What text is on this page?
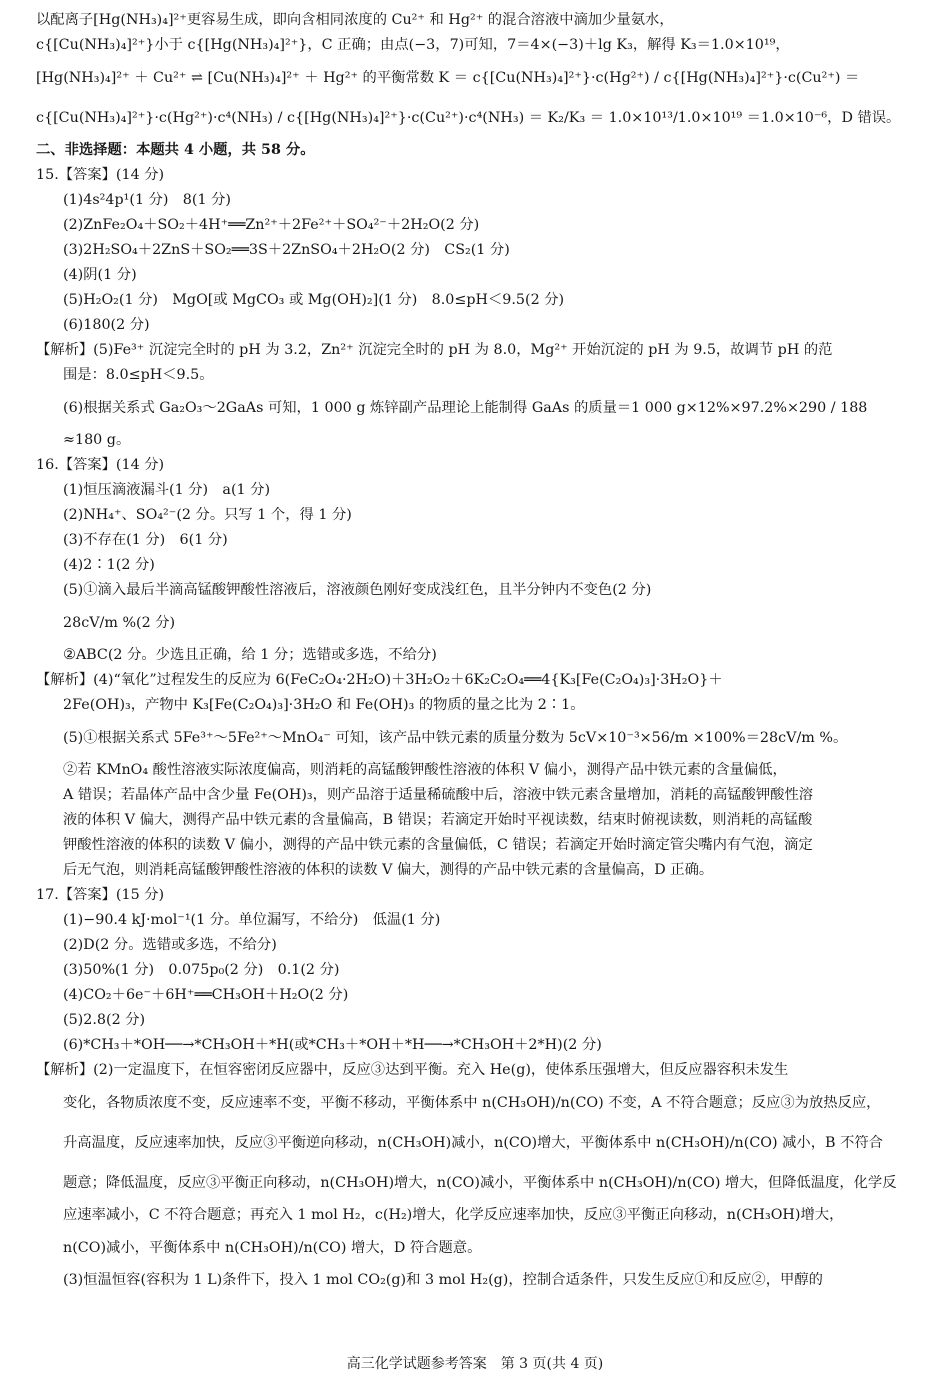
以配离子[Hg(NH₃)₄]²⁺更容易生成，即向含相同浓度的 Cu²⁺ 和 Hg²⁺ 的混合溶液中滴加少量氨水，
c{[Cu(NH₃)₄]²⁺}小于 c{[Hg(NH₃)₄]²⁺}，C 正确；由点(−3，7)可知，7＝4×(−3)＋lg K₃，解得 K₃＝1.0×10¹⁹，
[Hg(NH₃)₄]²⁺ ＋ Cu²⁺ ⇌ [Cu(NH₃)₄]²⁺ ＋ Hg²⁺ 的平衡常数 K ＝ c{[Cu(NH₃)₄]²⁺}·c(Hg²⁺) / c{[Hg(NH₃)₄]²⁺}·c(Cu²⁺) ＝
c{[Cu(NH₃)₄]²⁺}·c(Hg²⁺)·c⁴(NH₃) / c{[Hg(NH₃)₄]²⁺}·c(Cu²⁺)·c⁴(NH₃) ＝ K₂/K₃ ＝ 1.0×10¹³/1.0×10¹⁹ ＝1.0×10⁻⁶，D 错误。
二、非选择题：本题共 4 小题，共 58 分。
15.【答案】(14 分)
(1)4s²4p¹(1 分)　8(1 分)
(2)ZnFe₂O₄＋SO₂＋4H⁺══Zn²⁺＋2Fe²⁺＋SO₄²⁻＋2H₂O(2 分)
(3)2H₂SO₄＋2ZnS＋SO₂══3S＋2ZnSO₄＋2H₂O(2 分)　CS₂(1 分)
(4)阴(1 分)
(5)H₂O₂(1 分)　MgO[或 MgCO₃ 或 Mg(OH)₂](1 分)　8.0≤pH＜9.5(2 分)
(6)180(2 分)
【解析】(5)Fe³⁺ 沉淀完全时的 pH 为 3.2，Zn²⁺ 沉淀完全时的 pH 为 8.0，Mg²⁺ 开始沉淀的 pH 为 9.5，故调节 pH 的范
围是：8.0≤pH＜9.5。
(6)根据关系式 Ga₂O₃～2GaAs 可知，1 000 g 炼锌副产品理论上能制得 GaAs 的质量＝1 000 g×12%×97.2%×290 / 188
≈180 g。
16.【答案】(14 分)
(1)恒压滴液漏斗(1 分)　a(1 分)
(2)NH₄⁺、SO₄²⁻(2 分。只写 1 个，得 1 分)
(3)不存在(1 分)　6(1 分)
(4)2∶1(2 分)
(5)①滴入最后半滴高锰酸钾酸性溶液后，溶液颜色刚好变成浅红色，且半分钟内不变色(2 分)
28cV/m %(2 分)
②ABC(2 分。少选且正确，给 1 分；选错或多选，不给分)
【解析】(4)“氧化”过程发生的反应为 6(FeC₂O₄·2H₂O)＋3H₂O₂＋6K₂C₂O₄══4{K₃[Fe(C₂O₄)₃]·3H₂O}＋
2Fe(OH)₃，产物中 K₃[Fe(C₂O₄)₃]·3H₂O 和 Fe(OH)₃ 的物质的量之比为 2∶1。
(5)①根据关系式 5Fe³⁺～5Fe²⁺～MnO₄⁻ 可知，该产品中铁元素的质量分数为 5cV×10⁻³×56/m ×100%＝28cV/m %。
②若 KMnO₄ 酸性溶液实际浓度偏高，则消耗的高锰酸钾酸性溶液的体积 V 偏小，测得产品中铁元素的含量偏低，
A 错误；若晶体产品中含少量 Fe(OH)₃，则产品溶于适量稀硫酸中后，溶液中铁元素含量增加，消耗的高锰酸钾酸性溶
液的体积 V 偏大，测得产品中铁元素的含量偏高，B 错误；若滴定开始时平视读数，结束时俯视读数，则消耗的高锰酸
钾酸性溶液的体积的读数 V 偏小，测得的产品中铁元素的含量偏低，C 错误；若滴定开始时滴定管尖嘴内有气泡，滴定
后无气泡，则消耗高锰酸钾酸性溶液的体积的读数 V 偏大，测得的产品中铁元素的含量偏高，D 正确。
17.【答案】(15 分)
(1)−90.4 kJ·mol⁻¹(1 分。单位漏写，不给分)　低温(1 分)
(2)D(2 分。选错或多选，不给分)
(3)50%(1 分)　0.075p₀(2 分)　0.1(2 分)
(4)CO₂＋6e⁻＋6H⁺══CH₃OH＋H₂O(2 分)
(5)2.8(2 分)
(6)*CH₃＋*OH──→*CH₃OH＋*H(或*CH₃＋*OH＋*H──→*CH₃OH＋2*H)(2 分)
【解析】(2)一定温度下，在恒容密闭反应器中，反应③达到平衡。充入 He(g)，使体系压强增大，但反应器容积未发生
变化，各物质浓度不变，反应速率不变，平衡不移动，平衡体系中 n(CH₃OH)/n(CO) 不变，A 不符合题意；反应③为放热反应，
升高温度，反应速率加快，反应③平衡逆向移动，n(CH₃OH)减小，n(CO)增大，平衡体系中 n(CH₃OH)/n(CO) 减小，B 不符合
题意；降低温度，反应③平衡正向移动，n(CH₃OH)增大，n(CO)减小，平衡体系中 n(CH₃OH)/n(CO) 增大，但降低温度，化学反
应速率减小，C 不符合题意；再充入 1 mol H₂，c(H₂)增大，化学反应速率加快，反应③平衡正向移动，n(CH₃OH)增大，
n(CO)减小，平衡体系中 n(CH₃OH)/n(CO) 增大，D 符合题意。
(3)恒温恒容(容积为 1 L)条件下，投入 1 mol CO₂(g)和 3 mol H₂(g)，控制合适条件，只发生反应①和反应②，甲醇的
高三化学试题参考答案　第 3 页(共 4 页)
